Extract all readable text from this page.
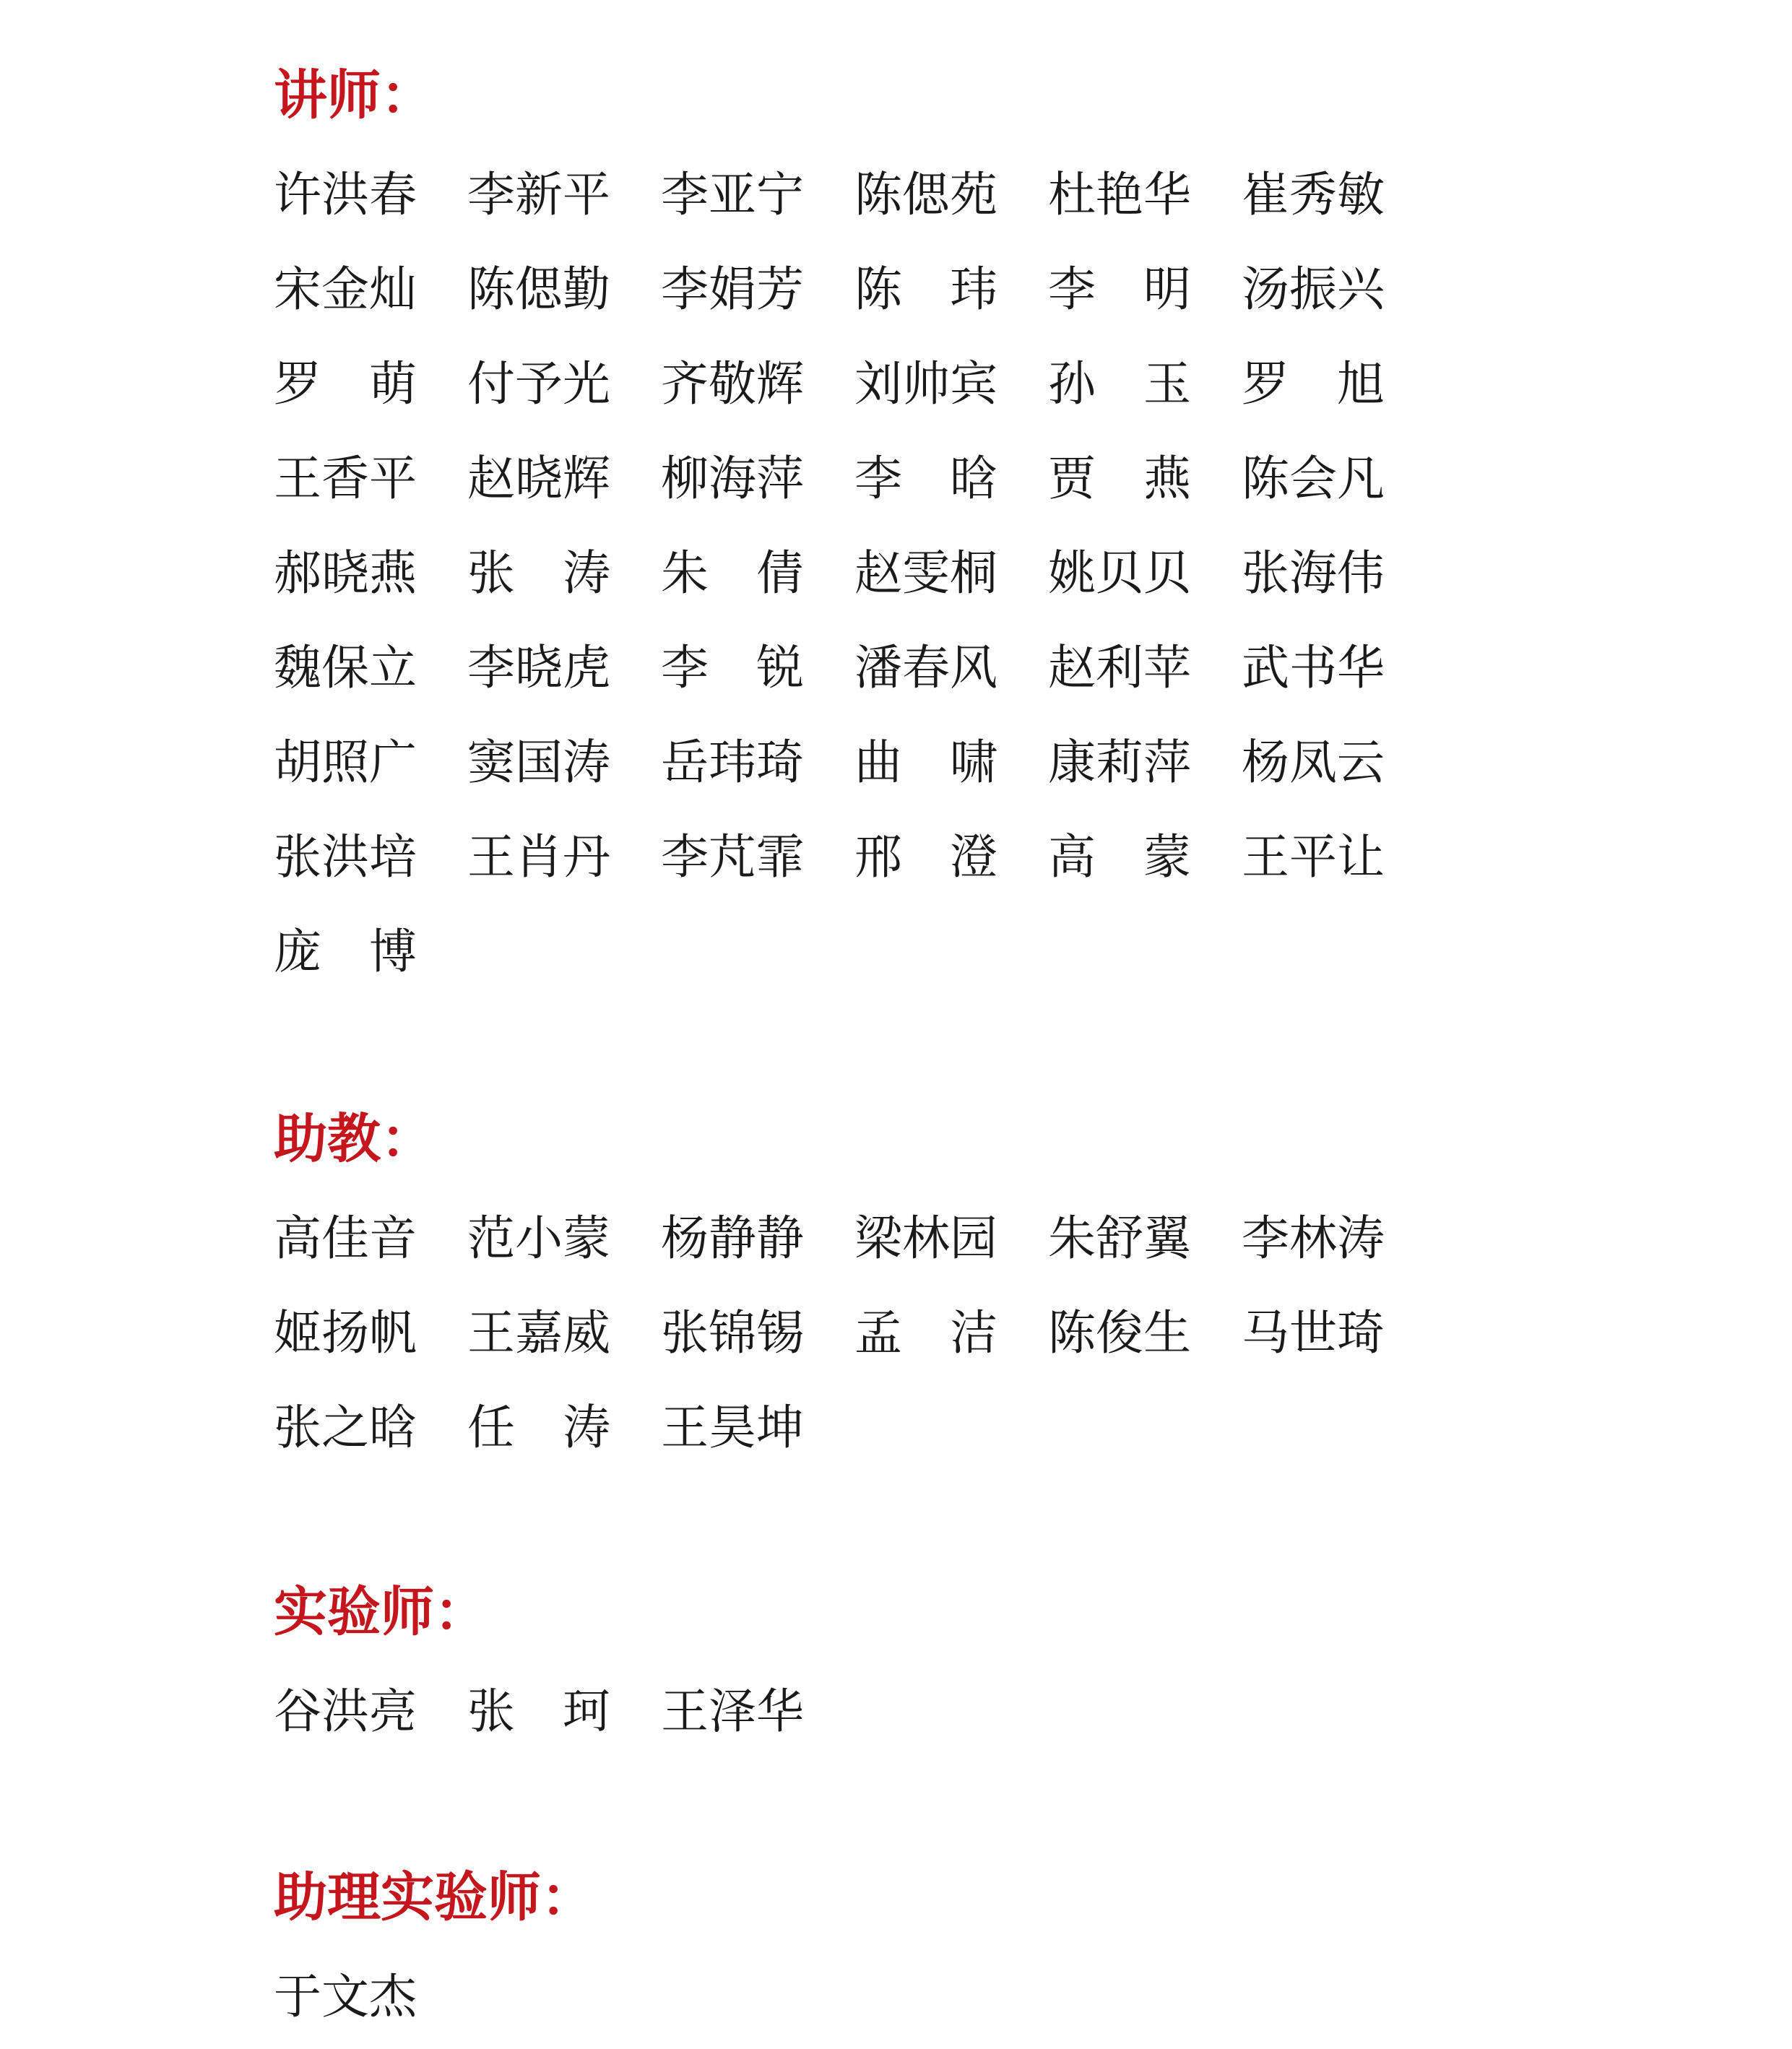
讲师：
许洪春 李新平 李亚宁 陈偲苑 杜艳华 崔秀敏
宋金灿 陈偲勤 李娟芳 陈　玮 李　明 汤振兴
罗　萌 付予光 齐敬辉 刘帅宾 孙　玉 罗　旭
王香平 赵晓辉 柳海萍 李　晗 贾　燕 陈会凡
郝晓燕 张　涛 朱　倩 赵雯桐 姚贝贝 张海伟
魏保立 李晓虎 李　锐 潘春风 赵利苹 武书华
胡照广 窦国涛 岳玮琦 曲　啸 康莉萍 杨凤云
张洪培 王肖丹 李芃霏 邢　澄 高　蒙 王平让
庞　博
助教：
高佳音 范小蒙 杨静静 梁林园 朱舒翼 李林涛
姬扬帆 王嘉威 张锦锡 孟　洁 陈俊生 马世琦
张之晗 任　涛 王昊坤
实验师：
谷洪亮 张　珂 王泽华
助理实验师：
于文杰
